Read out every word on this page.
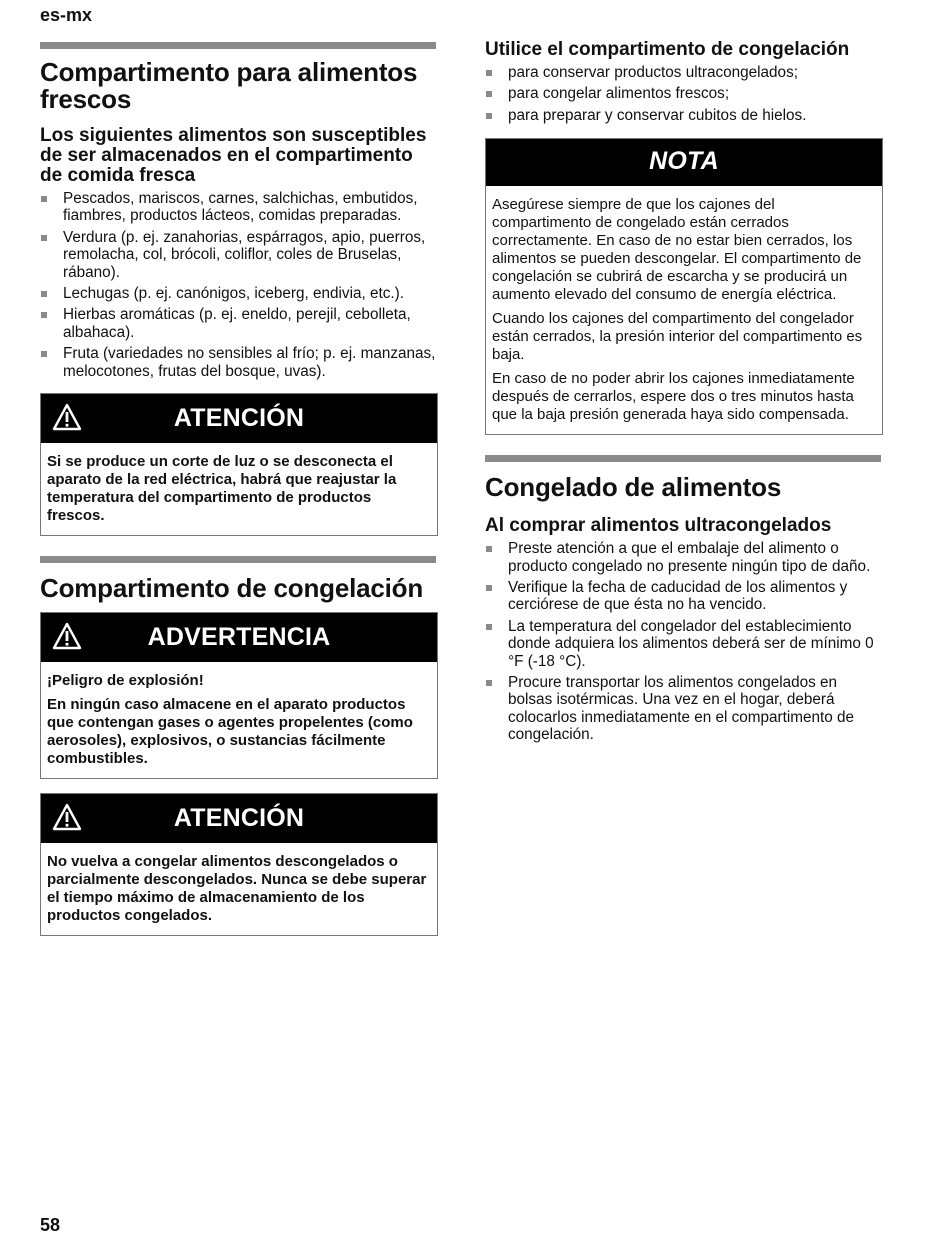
es-mx
Compartimento para alimentos frescos
Los siguientes alimentos son susceptibles de ser almacenados en el compartimento de comida fresca
Pescados, mariscos, carnes, salchichas, embutidos, fiambres, productos lácteos, comidas preparadas.
Verdura (p. ej. zanahorias, espárragos, apio, puerros, remolacha, col, brócoli, coliflor, coles de Bruselas, rábano).
Lechugas (p. ej. canónigos, iceberg, endivia, etc.).
Hierbas aromáticas (p. ej. eneldo, perejil, cebolleta, albahaca).
Fruta (variedades no sensibles al frío; p. ej. manzanas, melocotones, frutas del bosque, uvas).
ATENCIÓN

Si se produce un corte de luz o se desconecta el aparato de la red eléctrica, habrá que reajustar la temperatura del compartimento de productos frescos.

Compartimento de congelación
ADVERTENCIA

¡Peligro de explosión!

En ningún caso almacene en el aparato productos que contengan gases o agentes propelentes (como aerosoles), explosivos, o sustancias fácilmente combustibles.

ATENCIÓN

No vuelva a congelar alimentos descongelados o parcialmente descongelados. Nunca se debe superar el tiempo máximo de almacenamiento de los productos congelados.

Utilice el compartimento de congelación
para conservar productos ultracongelados;
para congelar alimentos frescos;
para preparar y conservar cubitos de hielos.
NOTA

Asegúrese siempre de que los cajones del compartimento de congelado están cerrados correctamente. En caso de no estar bien cerrados, los alimentos se pueden descongelar. El compartimento de congelación se cubrirá de escarcha y se producirá un aumento elevado del consumo de energía eléctrica.

Cuando los cajones del compartimento del congelador están cerrados, la presión interior del compartimento es baja.

En caso de no poder abrir los cajones inmediatamente después de cerrarlos, espere dos o tres minutos hasta que la baja presión generada haya sido compensada.

Congelado de alimentos
Al comprar alimentos ultracongelados
Preste atención a que el embalaje del alimento o producto congelado no presente ningún tipo de daño.
Verifique la fecha de caducidad de los alimentos y cerciórese de que ésta no ha vencido.
La temperatura del congelador del establecimiento donde adquiera los alimentos deberá ser de mínimo 0 °F (-18 °C).
Procure transportar los alimentos congelados en bolsas isotérmicas. Una vez en el hogar, deberá colocarlos inmediatamente en el compartimento de congelación.
58
